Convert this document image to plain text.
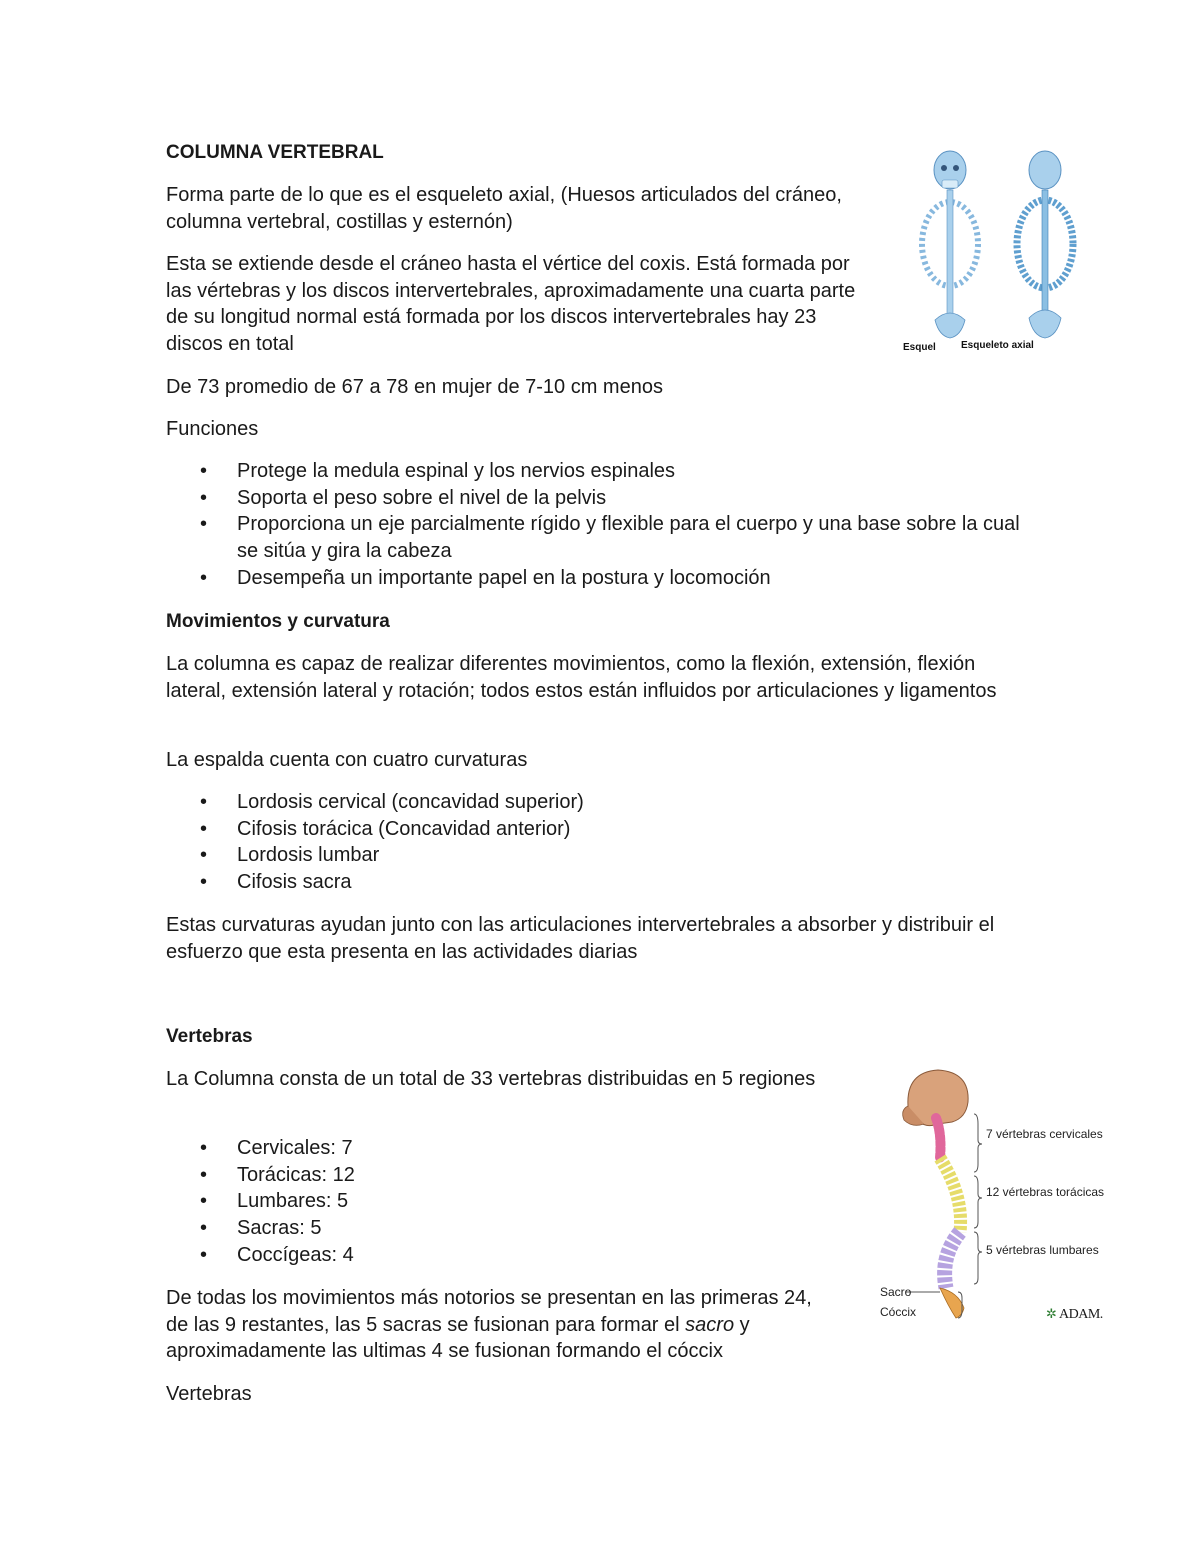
COLUMNA VERTEBRAL

Forma parte de lo que es el esqueleto axial, (Huesos articulados del cráneo, columna vertebral, costillas y esternón)

Esta se extiende desde el cráneo hasta el vértice del coxis. Está formada por las vértebras y los discos intervertebrales, aproximadamente una cuarta parte de su longitud normal está formada por los discos intervertebrales hay 23 discos en total

De 73 promedio de 67 a 78 en mujer de 7-10 cm menos

Funciones

• Protege la medula espinal y los nervios espinales
• Soporta el peso sobre el nivel de la pelvis
• Proporciona un eje parcialmente rígido y flexible para el cuerpo y una base sobre la cual se sitúa y gira la cabeza
• Desempeña un importante papel en la postura y locomoción

Movimientos y curvatura

La columna es capaz de realizar diferentes movimientos, como la flexión, extensión, flexión lateral, extensión lateral y rotación; todos estos están influidos por articulaciones y ligamentos

La espalda cuenta con cuatro curvaturas

• Lordosis cervical (concavidad superior)
• Cifosis torácica (Concavidad anterior)
• Lordosis lumbar
• Cifosis sacra

Estas curvaturas ayudan junto con las articulaciones intervertebrales a absorber y distribuir el esfuerzo que esta presenta en las actividades diarias

Vertebras

La Columna consta de un total de 33 vertebras distribuidas en 5 regiones

• Cervicales: 7
• Torácicas: 12
• Lumbares: 5
• Sacras: 5
• Coccígeas: 4

De todas los movimientos más notorios se presentan en las primeras 24, de las 9 restantes, las 5 sacras se fusionan para formar el sacro y aproximadamente las ultimas 4 se fusionan formando el cóccix

Vertebras

Esquel	Esqueleto axial
7 vértebras cervicales
12 vértebras torácicas
5 vértebras lumbares
Sacro
Cóccix	✲ ADAM.
